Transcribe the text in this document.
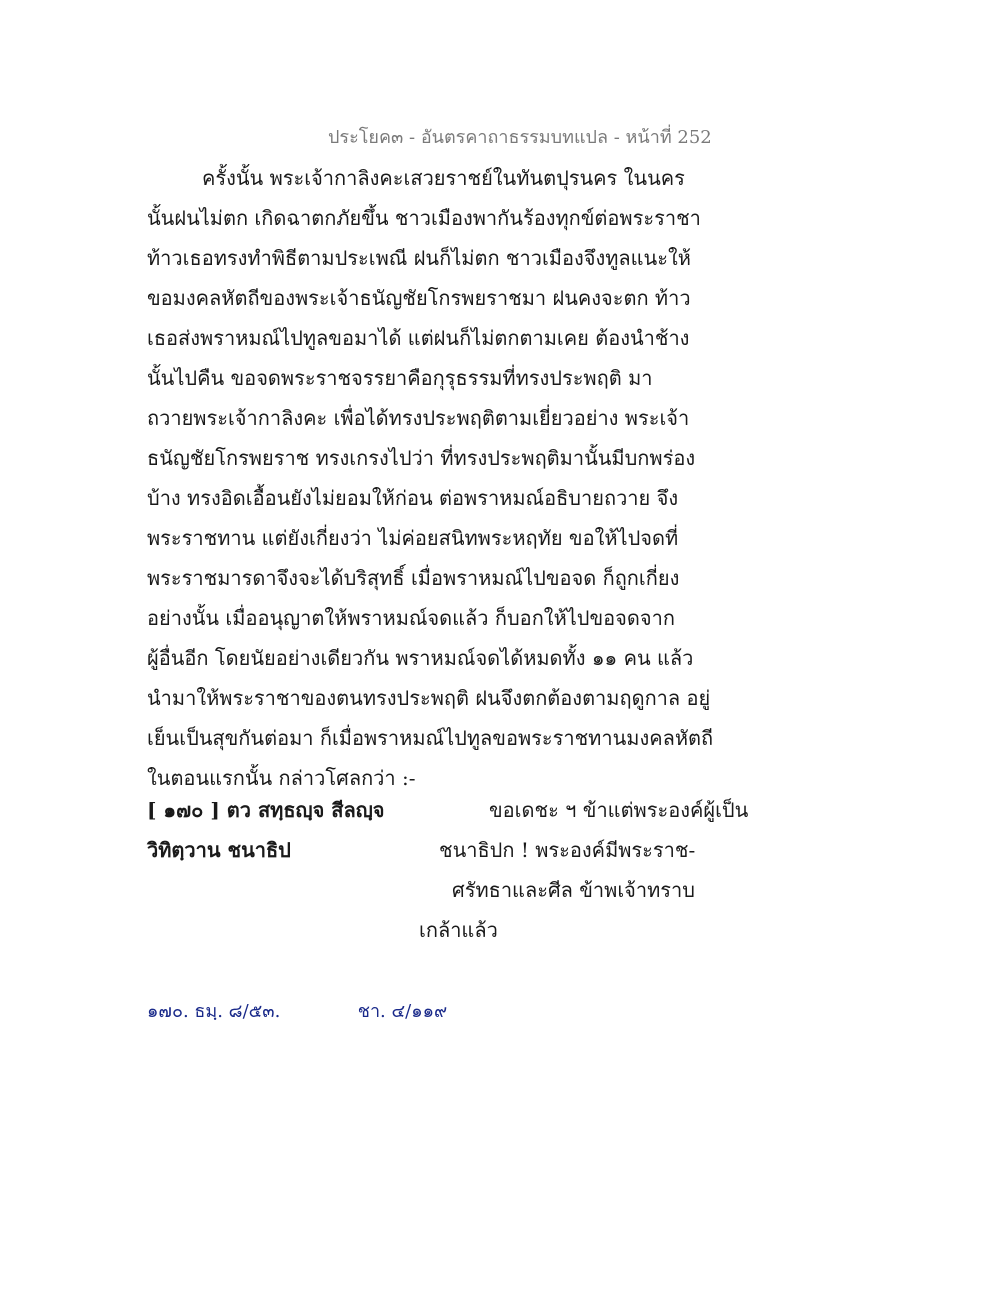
ประโยค๓ - อันตรคาถาธรรมบทแปล - หน้าที่ 252
ครั้งนั้น พระเจ้ากาลิงคะเสวยราชย์ในทันตปุรนคร ในนคร
นั้นฝนไม่ตก เกิดฉาตกภัยขึ้น ชาวเมืองพากันร้องทุกข์ต่อพระราชา
ท้าวเธอทรงทำพิธีตามประเพณี ฝนก็ไม่ตก ชาวเมืองจึงทูลแนะให้
ขอมงคลหัตถีของพระเจ้าธนัญชัยโกรพยราชมา ฝนคงจะตก ท้าว
เธอส่งพราหมณ์ไปทูลขอมาได้ แต่ฝนก็ไม่ตกตามเคย ต้องนำช้าง
นั้นไปคืน ขอจดพระราชจรรยาคือกุรุธรรมที่ทรงประพฤติ มา
ถวายพระเจ้ากาลิงคะ เพื่อได้ทรงประพฤติตามเยี่ยวอย่าง พระเจ้า
ธนัญชัยโกรพยราช ทรงเกรงไปว่า ที่ทรงประพฤติมานั้นมีบกพร่อง
บ้าง ทรงอิดเอื้อนยังไม่ยอมให้ก่อน ต่อพราหมณ์อธิบายถวาย จึง
พระราชทาน แต่ยังเกี่ยงว่า ไม่ค่อยสนิทพระหฤทัย ขอให้ไปจดที่
พระราชมารดาจึงจะได้บริสุทธิ์ เมื่อพราหมณ์ไปขอจด ก็ถูกเกี่ยง
อย่างนั้น เมื่ออนุญาตให้พราหมณ์จดแล้ว ก็บอกให้ไปขอจดจาก
ผู้อื่นอีก โดยนัยอย่างเดียวกัน พราหมณ์จดได้หมดทั้ง ๑๑ คน แล้ว
นำมาให้พระราชาของตนทรงประพฤติ ฝนจึงตกต้องตามฤดูกาล อยู่
เย็นเป็นสุขกันต่อมา ก็เมื่อพราหมณ์ไปทูลขอพระราชทานมงคลหัตถี
ในตอนแรกนั้น กล่าวโศลกว่า :-
[ ๑๗๐ ] ตว สทฺธญฺจ สีลญฺจ
วิทิตฺวาน ชนาธิป
ขอเดชะ ฯ ข้าแต่พระองค์ผู้เป็น
ชนาธิปก ! พระองค์มีพระราช-
ศรัทธาและศีล ข้าพเจ้าทราบ
เกล้าแล้ว
๑๗๐. ธมฺ. ๘/๕๓.	ชา. ๔/๑๑๙
